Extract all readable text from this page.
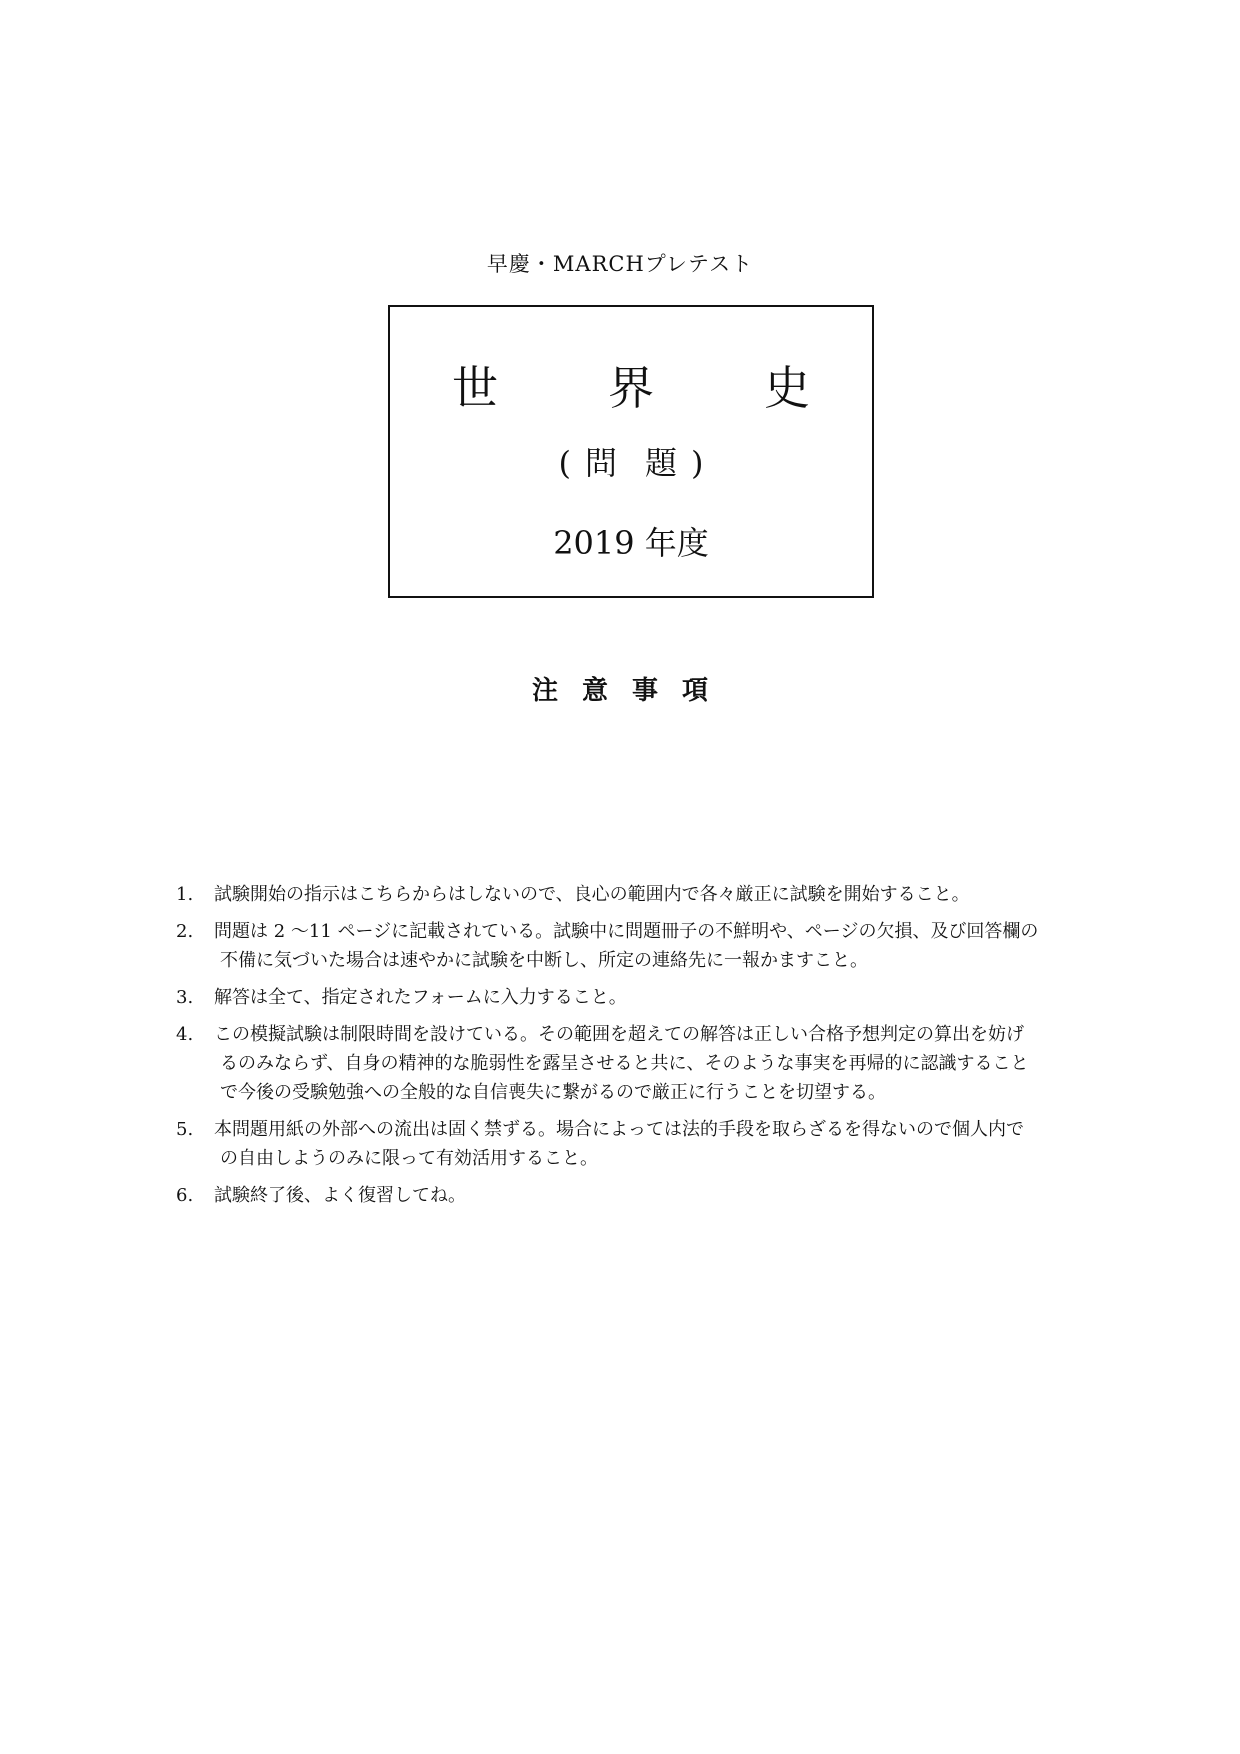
早慶・MARCHプレテスト
世 界 史
( 問 題 )
2019 年度
注 意 事 項
1. 試験開始の指示はこちらからはしないので、良心の範囲内で各々厳正に試験を開始すること。
2. 問題は 2 〜11 ページに記載されている。試験中に問題冊子の不鮮明や、ページの欠損、及び回答欄の
不備に気づいた場合は速やかに試験を中断し、所定の連絡先に一報かますこと。
3. 解答は全て、指定されたフォームに入力すること。
4. この模擬試験は制限時間を設けている。その範囲を超えての解答は正しい合格予想判定の算出を妨げ
るのみならず、自身の精神的な脆弱性を露呈させると共に、そのような事実を再帰的に認識すること
で今後の受験勉強への全般的な自信喪失に繋がるので厳正に行うことを切望する。
5. 本問題用紙の外部への流出は固く禁ずる。場合によっては法的手段を取らざるを得ないので個人内で
の自由しようのみに限って有効活用すること。
6. 試験終了後、よく復習してね。
